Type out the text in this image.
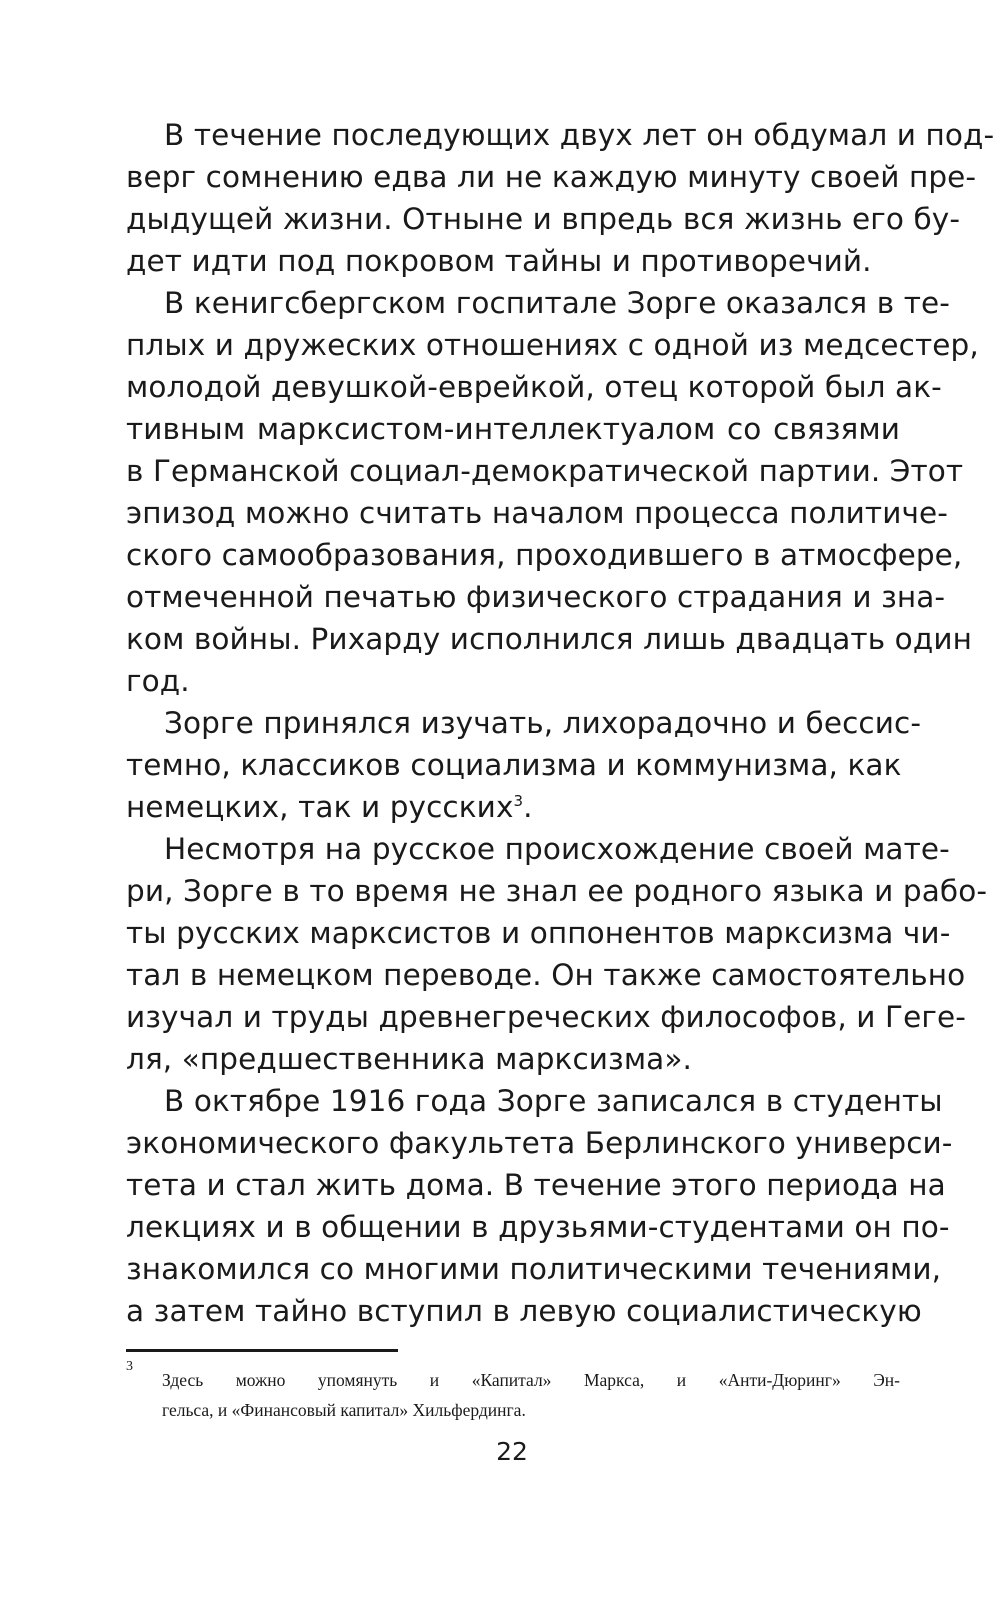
В течение последующих двух лет он обдумал и под-
верг сомнению едва ли не каждую минуту своей пре-
дыдущей жизни. Отныне и впредь вся жизнь его бу-
дет идти под покровом тайны и противоречий.
В кенигсбергском госпитале Зорге оказался в те-
плых и дружеских отношениях с одной из медсестер,
молодой девушкой-еврейкой, отец которой был ак-
тивным марксистом-интеллектуалом со связями
в Германской социал-демократической партии. Этот
эпизод можно считать началом процесса политиче-
ского самообразования, проходившего в атмосфере,
отмеченной печатью физического страдания и зна-
ком войны. Рихарду исполнился лишь двадцать один
год.
Зорге принялся изучать, лихорадочно и бессис-
темно, классиков социализма и коммунизма, как
немецких, так и русских$^3$.
Несмотря на русское происхождение своей мате-
ри, Зорге в то время не знал ее родного языка и рабо-
ты русских марксистов и оппонентов марксизма чи-
тал в немецком переводе. Он также самостоятельно
изучал и труды древнегреческих философов, и Геге-
ля, «предшественника марксизма».
В октябре 1916 года Зорге записался в студенты
экономического факультета Берлинского универси-
тета и стал жить дома. В течение этого периода на
лекциях и в общении в друзьями-студентами он по-
знакомился со многими политическими течениями,
а затем тайно вступил в левую социалистическую
3
Здесь можно упомянуть и «Капитал» Маркса, и «Анти-Дюринг» Эн-
гельса, и «Финансовый капитал» Хильфердинга.
22
